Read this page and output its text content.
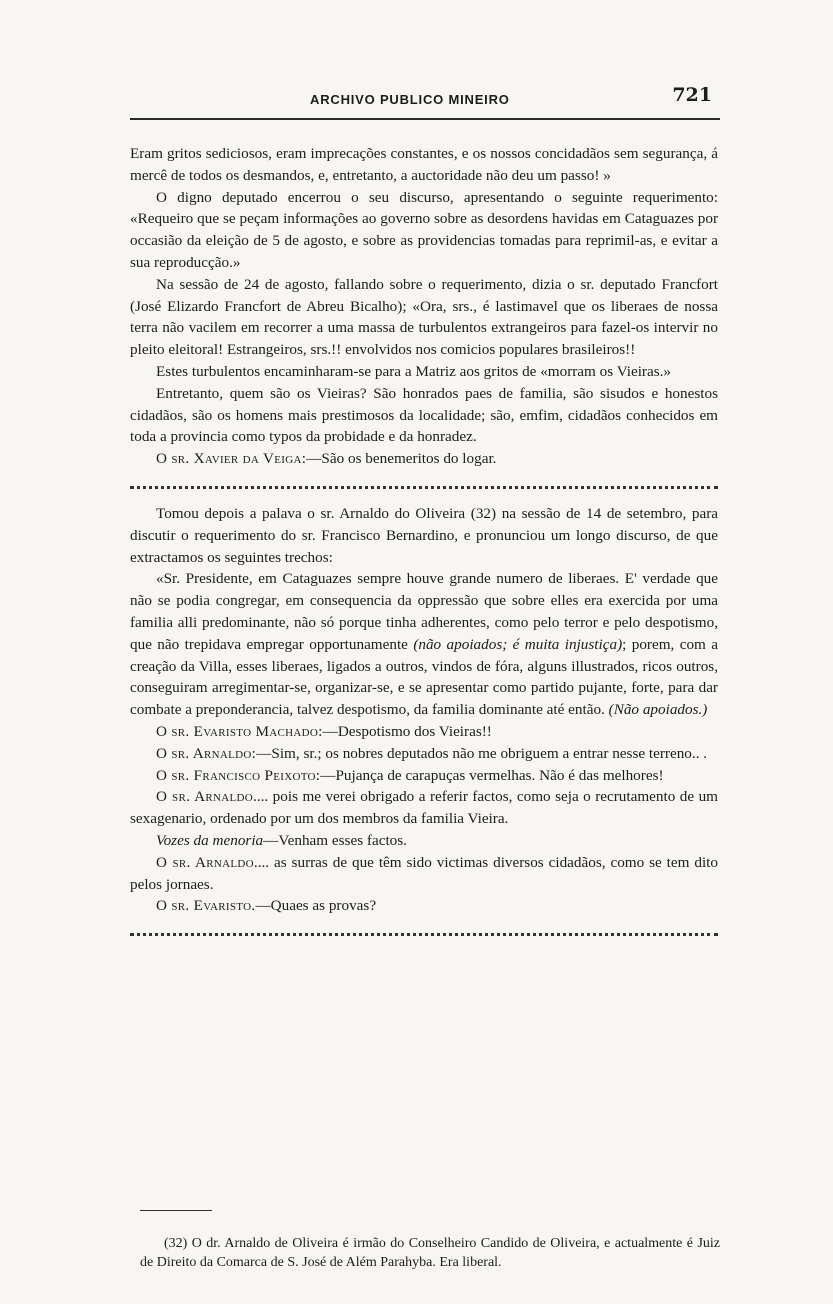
ARCHIVO PUBLICO MINEIRO	721

Eram gritos sediciosos, eram imprecações constantes, e os nossos concidadãos sem segurança, á mercê de todos os desmandos, e, entretanto, a auctoridade não deu um passo! »

O digno deputado encerrou o seu discurso, apresentando o seguinte requerimento: «Requeiro que se peçam informações ao governo sobre as desordens havidas em Cataguazes por occasião da eleição de 5 de agosto, e sobre as providencias tomadas para reprimil-as, e evitar a sua reproducção.»

Na sessão de 24 de agosto, fallando sobre o requerimento, dizia o sr. deputado Francfort (José Elizardo Francfort de Abreu Bicalho); «Ora, srs., é lastimavel que os liberaes de nossa terra não vacilem em recorrer a uma massa de turbulentos extrangeiros para fazel-os intervir no pleito eleitoral! Estrangeiros, srs.!! envolvidos nos comicios populares brasileiros!!

Estes turbulentos encaminharam-se para a Matriz aos gritos de «morram os Vieiras.»

Entretanto, quem são os Vieiras? São honrados paes de familia, são sisudos e honestos cidadãos, são os homens mais prestimosos da localidade; são, emfim, cidadãos conhecidos em toda a provincia como typos da probidade e da honradez.

O sr. Xavier da Veiga:—São os benemeritos do logar.

Tomou depois a palava o sr. Arnaldo do Oliveira (32) na sessão de 14 de setembro, para discutir o requerimento do sr. Francisco Bernardino, e pronunciou um longo discurso, de que extractamos os seguintes trechos:

«Sr. Presidente, em Cataguazes sempre houve grande numero de liberaes. E' verdade que não se podia congregar, em consequencia da oppressão que sobre elles era exercida por uma familia alli predominante, não só porque tinha adherentes, como pelo terror e pelo despotismo, que não trepidava empregar opportunamente (não apoiados; é muita injustiça); porem, com a creação da Villa, esses liberaes, ligados a outros, vindos de fóra, alguns illustrados, ricos outros, conseguiram arregimentar-se, organizar-se, e se apresentar como partido pujante, forte, para dar combate a preponderancia, talvez despotismo, da familia dominante até então. (Não apoiados.)

O sr. Evaristo Machado:—Despotismo dos Vieiras!!

O sr. Arnaldo:—Sim, sr.; os nobres deputados não me obriguem a entrar nesse terreno.. .

O sr. Francisco Peixoto:—Pujança de carapuças vermelhas. Não é das melhores!

O sr. Arnaldo.... pois me verei obrigado a referir factos, como seja o recrutamento de um sexagenario, ordenado por um dos membros da familia Vieira.

Vozes da menoria—Venham esses factos.

O sr. Arnaldo.... as surras de que têm sido victimas diversos cidadãos, como se tem dito pelos jornaes.

O sr. Evaristo.—Quaes as provas?

(32) O dr. Arnaldo de Oliveira é irmão do Conselheiro Candido de Oliveira, e actualmente é Juiz de Direito da Comarca de S. José de Além Parahyba. Era liberal.
